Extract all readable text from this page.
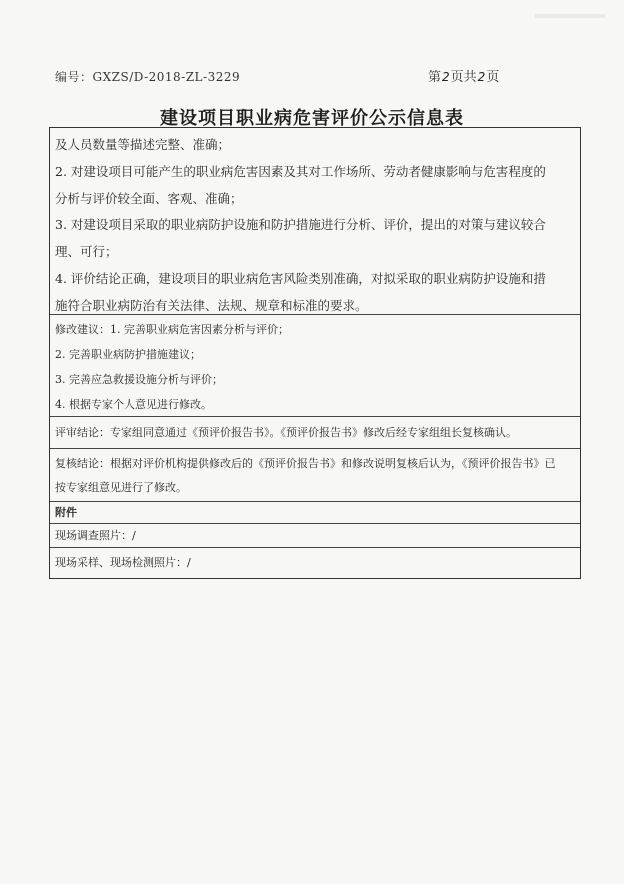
编号：GXZS/D-2018-ZL-3229	第2页共2页
建设项目职业病危害评价公示信息表
及人员数量等描述完整、准确；
2. 对建设项目可能产生的职业病危害因素及其对工作场所、劳动者健康影响与危害程度的
分析与评价较全面、客观、准确；
3. 对建设项目采取的职业病防护设施和防护措施进行分析、评价，提出的对策与建议较合
理、可行；
4. 评价结论正确，建设项目的职业病危害风险类别准确，对拟采取的职业病防护设施和措
施符合职业病防治有关法律、法规、规章和标准的要求。
修改建议：1. 完善职业病危害因素分析与评价；
2. 完善职业病防护措施建议；
3. 完善应急救援设施分析与评价；
4. 根据专家个人意见进行修改。
评审结论：专家组同意通过《预评价报告书》。《预评价报告书》修改后经专家组组长复核确认。
复核结论：根据对评价机构提供修改后的《预评价报告书》和修改说明复核后认为，《预评价报告书》已
按专家组意见进行了修改。
附件
现场调查照片：/
现场采样、现场检测照片：/
